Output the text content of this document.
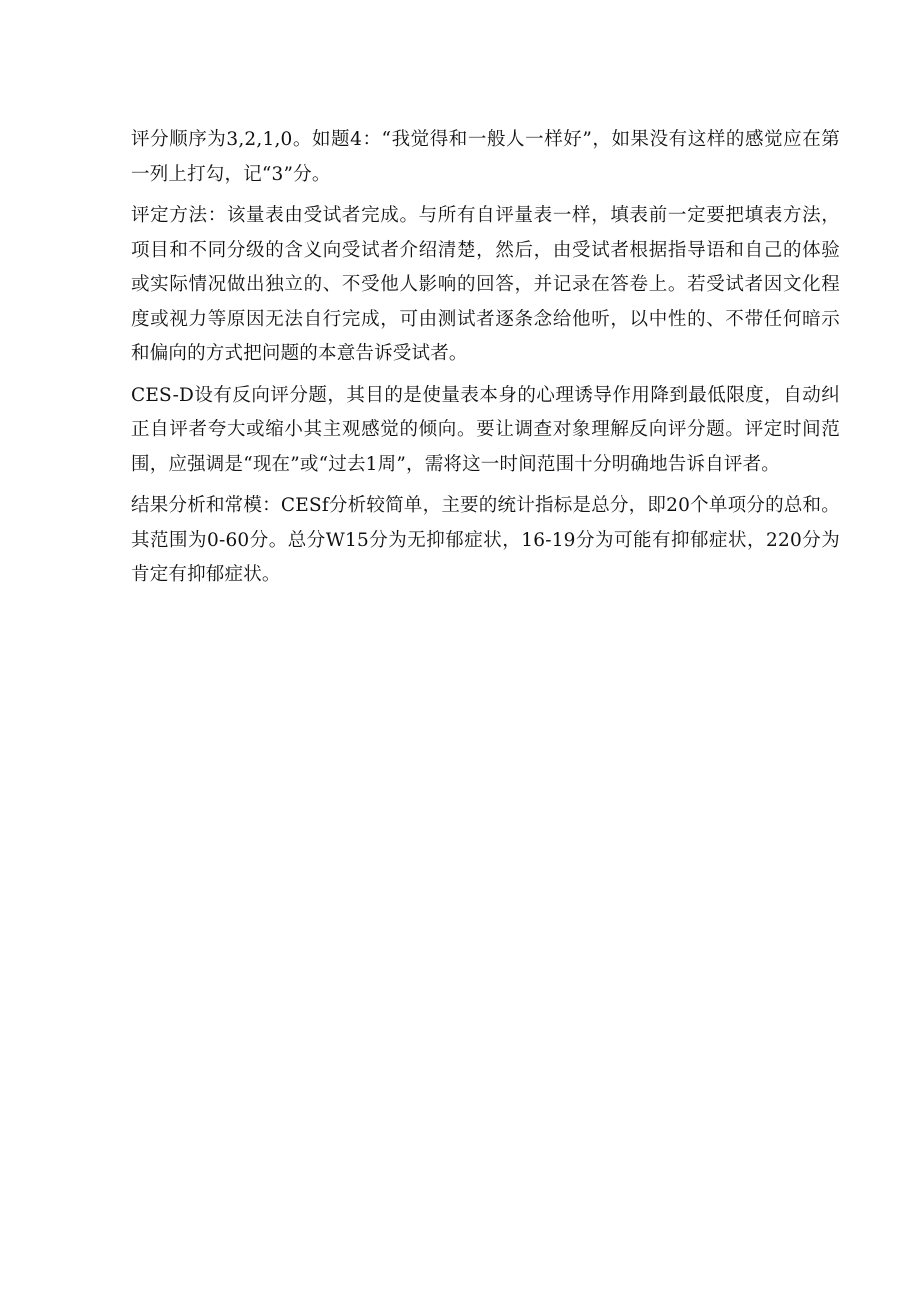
评分顺序为3,2,1,0。如题4：“我觉得和一般人一样好”，如果没有这样的感觉应在第一列上打勾，记“3”分。

评定方法：该量表由受试者完成。与所有自评量表一样，填表前一定要把填表方法，项目和不同分级的含义向受试者介绍清楚，然后，由受试者根据指导语和自己的体验或实际情况做出独立的、不受他人影响的回答，并记录在答卷上。若受试者因文化程度或视力等原因无法自行完成，可由测试者逐条念给他听，以中性的、不带任何暗示和偏向的方式把问题的本意告诉受试者。

CES-D设有反向评分题，其目的是使量表本身的心理诱导作用降到最低限度，自动纠正自评者夸大或缩小其主观感觉的倾向。要让调查对象理解反向评分题。评定时间范围，应强调是“现在”或“过去1周”，需将这一时间范围十分明确地告诉自评者。

结果分析和常模：CESf分析较简单，主要的统计指标是总分，即20个单项分的总和。其范围为0-60分。总分W15分为无抑郁症状，16-19分为可能有抑郁症状，220分为肯定有抑郁症状。
